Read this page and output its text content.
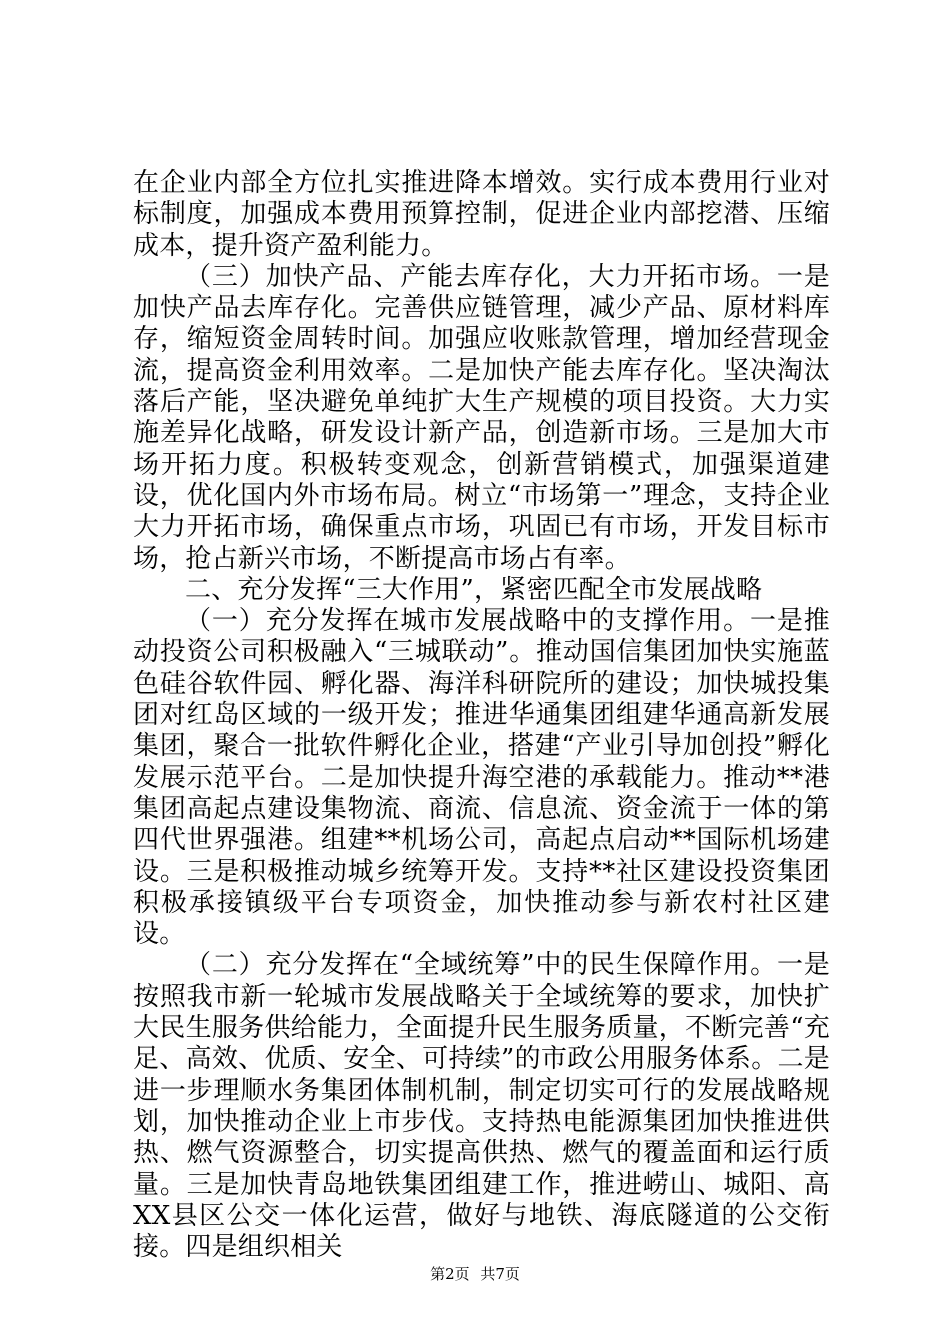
在企业内部全方位扎实推进降本增效。实行成本费用行业对标制度，加强成本费用预算控制，促进企业内部挖潜、压缩成本，提升资产盈利能力。

（三）加快产品、产能去库存化，大力开拓市场。一是加快产品去库存化。完善供应链管理，减少产品、原材料库存，缩短资金周转时间。加强应收账款管理，增加经营现金流，提高资金利用效率。二是加快产能去库存化。坚决淘汰落后产能，坚决避免单纯扩大生产规模的项目投资。大力实施差异化战略，研发设计新产品，创造新市场。三是加大市场开拓力度。积极转变观念，创新营销模式，加强渠道建设，优化国内外市场布局。树立“市场第一”理念，支持企业大力开拓市场，确保重点市场，巩固已有市场，开发目标市场，抢占新兴市场，不断提高市场占有率。

二、充分发挥“三大作用”，紧密匹配全市发展战略

（一）充分发挥在城市发展战略中的支撑作用。一是推动投资公司积极融入“三城联动”。推动国信集团加快实施蓝色硅谷软件园、孵化器、海洋科研院所的建设；加快城投集团对红岛区域的一级开发；推进华通集团组建华通高新发展集团，聚合一批软件孵化企业，搭建“产业引导加创投”孵化发展示范平台。二是加快提升海空港的承载能力。推动**港集团高起点建设集物流、商流、信息流、资金流于一体的第四代世界强港。组建**机场公司，高起点启动**国际机场建设。三是积极推动城乡统筹开发。支持**社区建设投资集团积极承接镇级平台专项资金，加快推动参与新农村社区建设。

（二）充分发挥在“全域统筹”中的民生保障作用。一是按照我市新一轮城市发展战略关于全域统筹的要求，加快扩大民生服务供给能力，全面提升民生服务质量，不断完善“充足、高效、优质、安全、可持续”的市政公用服务体系。二是进一步理顺水务集团体制机制，制定切实可行的发展战略规划，加快推动企业上市步伐。支持热电能源集团加快推进供热、燃气资源整合，切实提高供热、燃气的覆盖面和运行质量。三是加快青岛地铁集团组建工作，推进崂山、城阳、高XX县区公交一体化运营，做好与地铁、海底隧道的公交衔接。四是组织相关

第2页 共7页
